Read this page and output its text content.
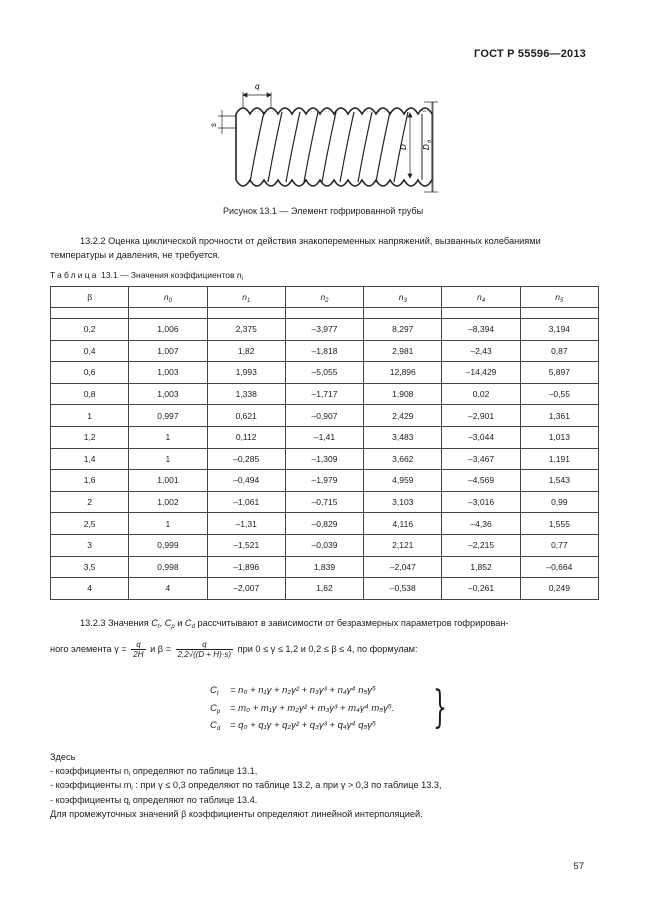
ГОСТ Р 55596—2013
q
s
D D
д
Рисунок 13.1 — Элемент гофрированной трубы
13.2.2 Оценка циклической прочности от действия знакопеременных напряжений, вызванных колебаниями температуры и давления, не требуется.
Таблица 13.1 — Значения коэффициентов $n_i$
β	$n_0$	$n_1$	$n_2$	$n_3$	$n_4$	$n_5$

0,2	1,006	2,375	–3,977	8,297	–8,394	3,194
0,4	1,007	1,82	–1,818	2,981	–2,43	0,87
0,6	1,003	1,993	–5,055	12,896	–14,429	5,897
0,8	1,003	1,338	–1,717	1,908	0,02	–0,55
1	0,997	0,621	–0,907	2,429	–2,901	1,361
1,2	1	0,112	–1,41	3,483	–3,044	1,013
1,4	1	–0,285	–1,309	3,662	–3,467	1,191
1,6	1,001	–0,494	–1,979	4,959	–4,569	1,543
2	1,002	–1,061	–0,715	3,103	–3,016	0,99
2,5	1	–1,31	–0,829	4,116	–4,36	1,555
3	0,999	–1,521	–0,039	2,121	–2,215	0,77
3,5	0,998	–1,896	1,839	–2,047	1,852	–0,664
4	4	–2,007	1,62	–0,538	–0,261	0,249
13.2.3 Значения $C_t$, $C_p$ и $C_d$ рассчитывают в зависимости от безразмерных параметров гофрирован-
ного элемента $\gamma = \frac{q}{2H}$ и $\beta = \frac{q}{2,2√((D + H)\cdot s)}$ при 0 ≤ γ ≤ 1,2 и 0,2 ≤ β ≤ 4, по формулам:
$C_t = n_0 + n_1\gamma + n_2\gamma^2 + n_3\gamma^3 + n_4\gamma^4$ n₅γ⁵
$C_p = m_0 + m_1\gamma + m_2\gamma^2 + m_3\gamma^3 + m_4\gamma^4$ m₅γ⁵.
$C_d = q_0 + q_1\gamma + q_2\gamma^2 + q_3\gamma^3 + q_4\gamma^4$ q₅γ⁵	}
Здесь
- коэффициенты $n_i$ определяют по таблице 13.1,
- коэффициенты $m_i$ : при γ ≤ 0,3 определяют по таблице 13.2, а при γ > 0,3 по таблице 13.3,
- коэффициенты $q_i$ определяют по таблице 13.4.
Для промежуточных значений β коэффициенты определяют линейной интерполяцией.
57
